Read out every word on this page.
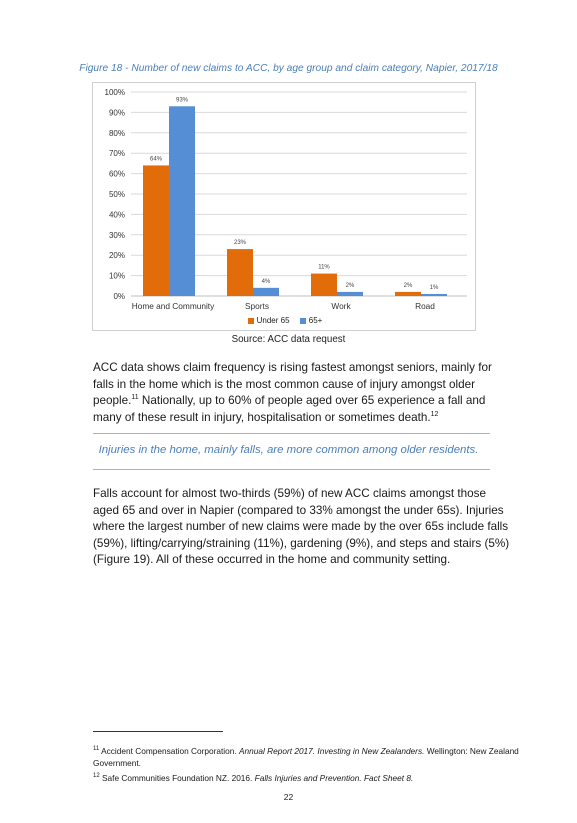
Figure 18 - Number of new claims to ACC, by age group and claim category, Napier, 2017/18
0%
10%
20%
30%
40%
50%
60%
70%
80%
90%
100%
64%
93%
Home and Community
23%
4%
Sports
11%
2%
Work
2%	1%
Road
Under 65 65+
Source: ACC data request
ACC data shows claim frequency is rising fastest amongst seniors, mainly for falls in the home which is the most common cause of injury amongst older people.$^{11}$ Nationally, up to 60% of people aged over 65 experience a fall and many of these result in injury, hospitalisation or sometimes death.$^{12}$
Injuries in the home, mainly falls, are more common among older residents.
Falls account for almost two-thirds (59%) of new ACC claims amongst those aged 65 and over in Napier (compared to 33% amongst the under 65s). Injuries where the largest number of new claims were made by the over 65s include falls (59%), lifting/carrying/straining (11%), gardening (9%), and steps and stairs (5%) (Figure 19). All of these occurred in the home and community setting.
$^{11}$ Accident Compensation Corporation. Annual Report 2017. Investing in New Zealanders. Wellington: New Zealand Government.
$^{12}$ Safe Communities Foundation NZ. 2016. Falls Injuries and Prevention. Fact Sheet 8.
22
